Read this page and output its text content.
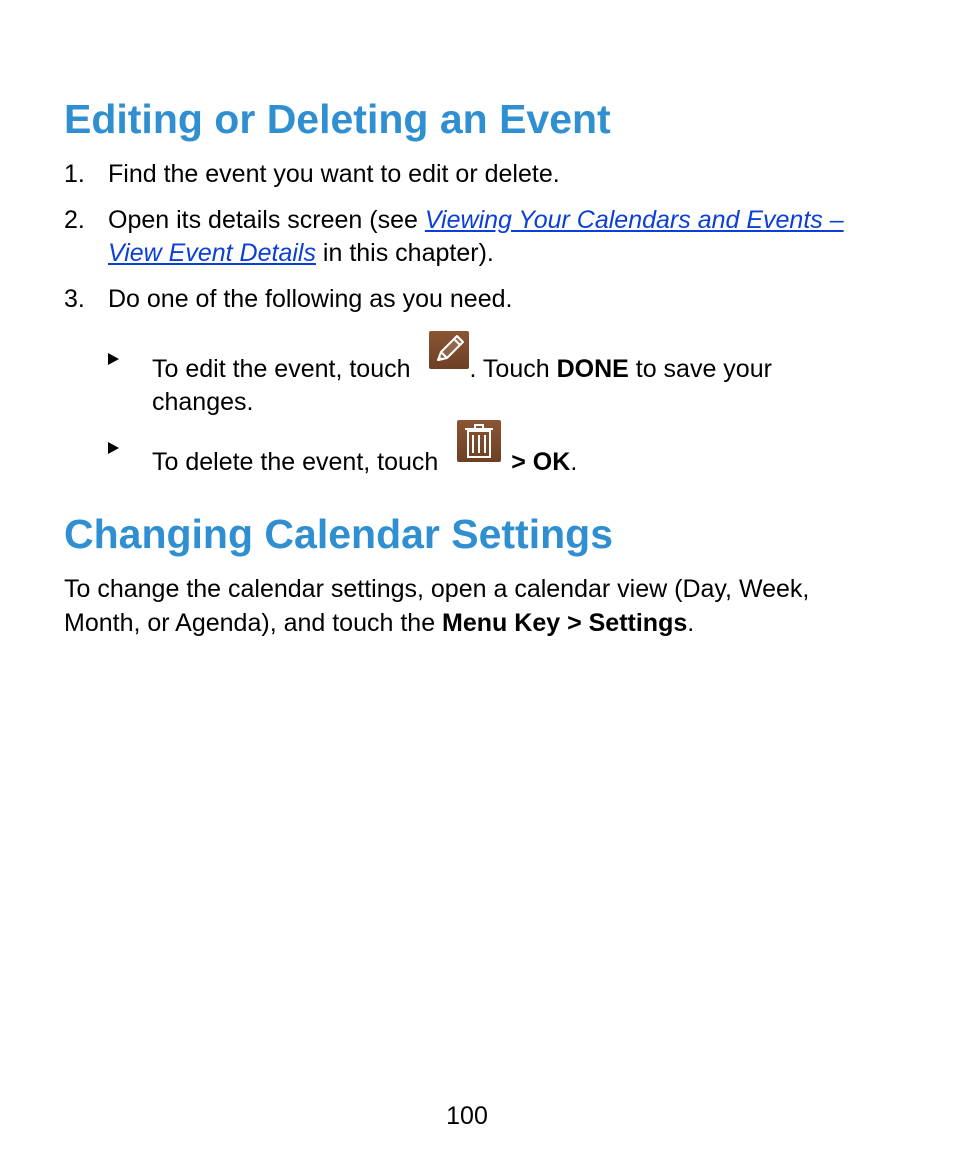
Editing or Deleting an Event
1. Find the event you want to edit or delete.
2. Open its details screen (see Viewing Your Calendars and Events – View Event Details in this chapter).
3. Do one of the following as you need.
To edit the event, touch
. Touch DONE to save your changes.
To delete the event, touch	> OK.
Changing Calendar Settings
To change the calendar settings, open a calendar view (Day, Week, Month, or Agenda), and touch the Menu Key > Settings.
100
